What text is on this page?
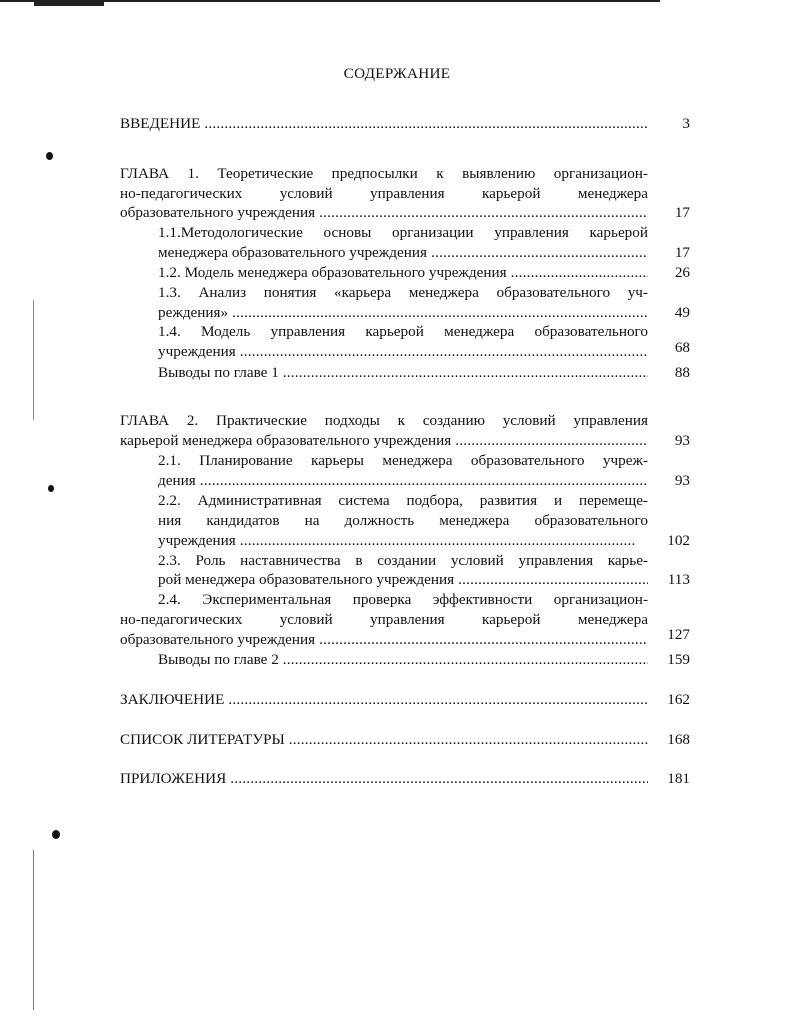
СОДЕРЖАНИЕ
ВВЕДЕНИЕ .....	3
ГЛАВА 1. Теоретические предпосылки к выявлению организацион-
но-педагогических условий управления карьерой менеджера
образовательного учреждения .....	17
1.1.Методологические основы организации управления карьерой
менеджера образовательного учреждения .....	17
1.2. Модель менеджера образовательного учреждения .....	26
1.3. Анализ понятия «карьера менеджера образовательного уч-
реждения» .....	49
1.4. Модель управления карьерой менеджера образовательного
учреждения .....	68
Выводы по главе 1 .....	88
ГЛАВА 2. Практические подходы к созданию условий управления
карьерой менеджера образовательного учреждения .....	93
2.1. Планирование карьеры менеджера образовательного учреж-
дения .....	93
2.2. Административная система подбора, развития и перемеще-
ния кандидатов на должность менеджера образовательного
учреждения .....	102
2.3. Роль наставничества в создании условий управления карье-
рой менеджера образовательного учреждения .....	113
2.4. Экспериментальная проверка эффективности организацион-
но-педагогических условий управления карьерой менеджера
образовательного учреждения .....	127
Выводы по главе 2 .....	159
ЗАКЛЮЧЕНИЕ .....	162
СПИСОК ЛИТЕРАТУРЫ .....	168
ПРИЛОЖЕНИЯ .....	181
